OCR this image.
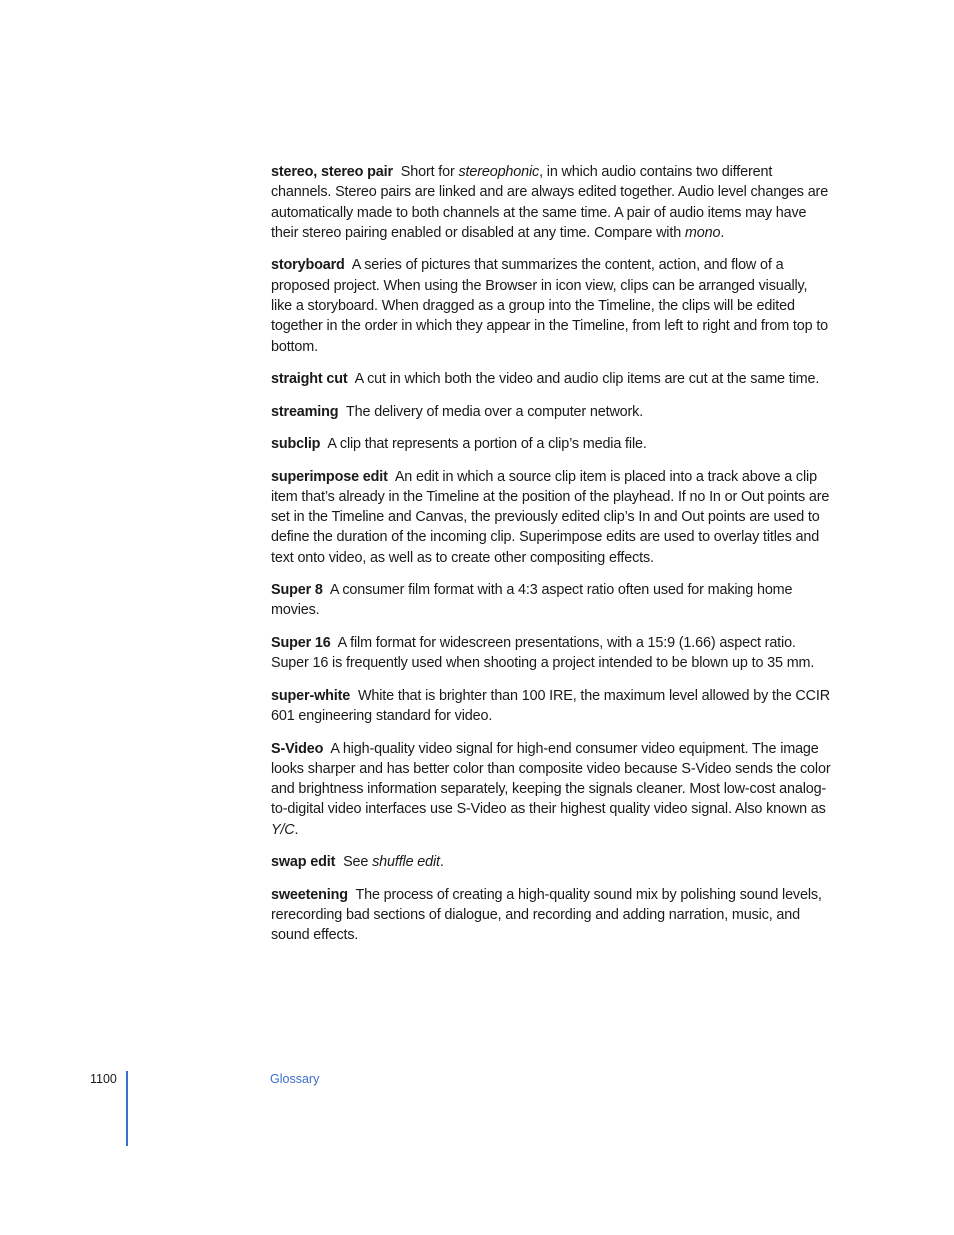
stereo, stereo pair Short for stereophonic, in which audio contains two different channels. Stereo pairs are linked and are always edited together. Audio level changes are automatically made to both channels at the same time. A pair of audio items may have their stereo pairing enabled or disabled at any time. Compare with mono.

storyboard A series of pictures that summarizes the content, action, and flow of a proposed project. When using the Browser in icon view, clips can be arranged visually, like a storyboard. When dragged as a group into the Timeline, the clips will be edited together in the order in which they appear in the Timeline, from left to right and from top to bottom.

straight cut A cut in which both the video and audio clip items are cut at the same time.

streaming The delivery of media over a computer network.

subclip A clip that represents a portion of a clip’s media file.

superimpose edit An edit in which a source clip item is placed into a track above a clip item that’s already in the Timeline at the position of the playhead. If no In or Out points are set in the Timeline and Canvas, the previously edited clip’s In and Out points are used to define the duration of the incoming clip. Superimpose edits are used to overlay titles and text onto video, as well as to create other compositing effects.

Super 8 A consumer film format with a 4:3 aspect ratio often used for making home movies.

Super 16 A film format for widescreen presentations, with a 15:9 (1.66) aspect ratio. Super 16 is frequently used when shooting a project intended to be blown up to 35 mm.

super-white White that is brighter than 100 IRE, the maximum level allowed by the CCIR 601 engineering standard for video.

S-Video A high-quality video signal for high-end consumer video equipment. The image looks sharper and has better color than composite video because S-Video sends the color and brightness information separately, keeping the signals cleaner. Most low-cost analog-to-digital video interfaces use S-Video as their highest quality video signal. Also known as Y/C.

swap edit See shuffle edit.

sweetening The process of creating a high-quality sound mix by polishing sound levels, rerecording bad sections of dialogue, and recording and adding narration, music, and sound effects.

1100	Glossary
